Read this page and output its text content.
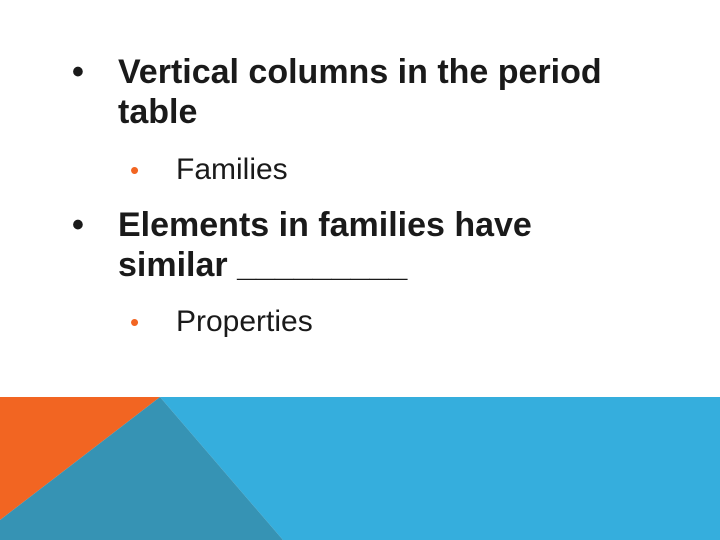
•	Vertical columns in the period table
•	Families
•	Elements in families have similar _________
•	Properties
